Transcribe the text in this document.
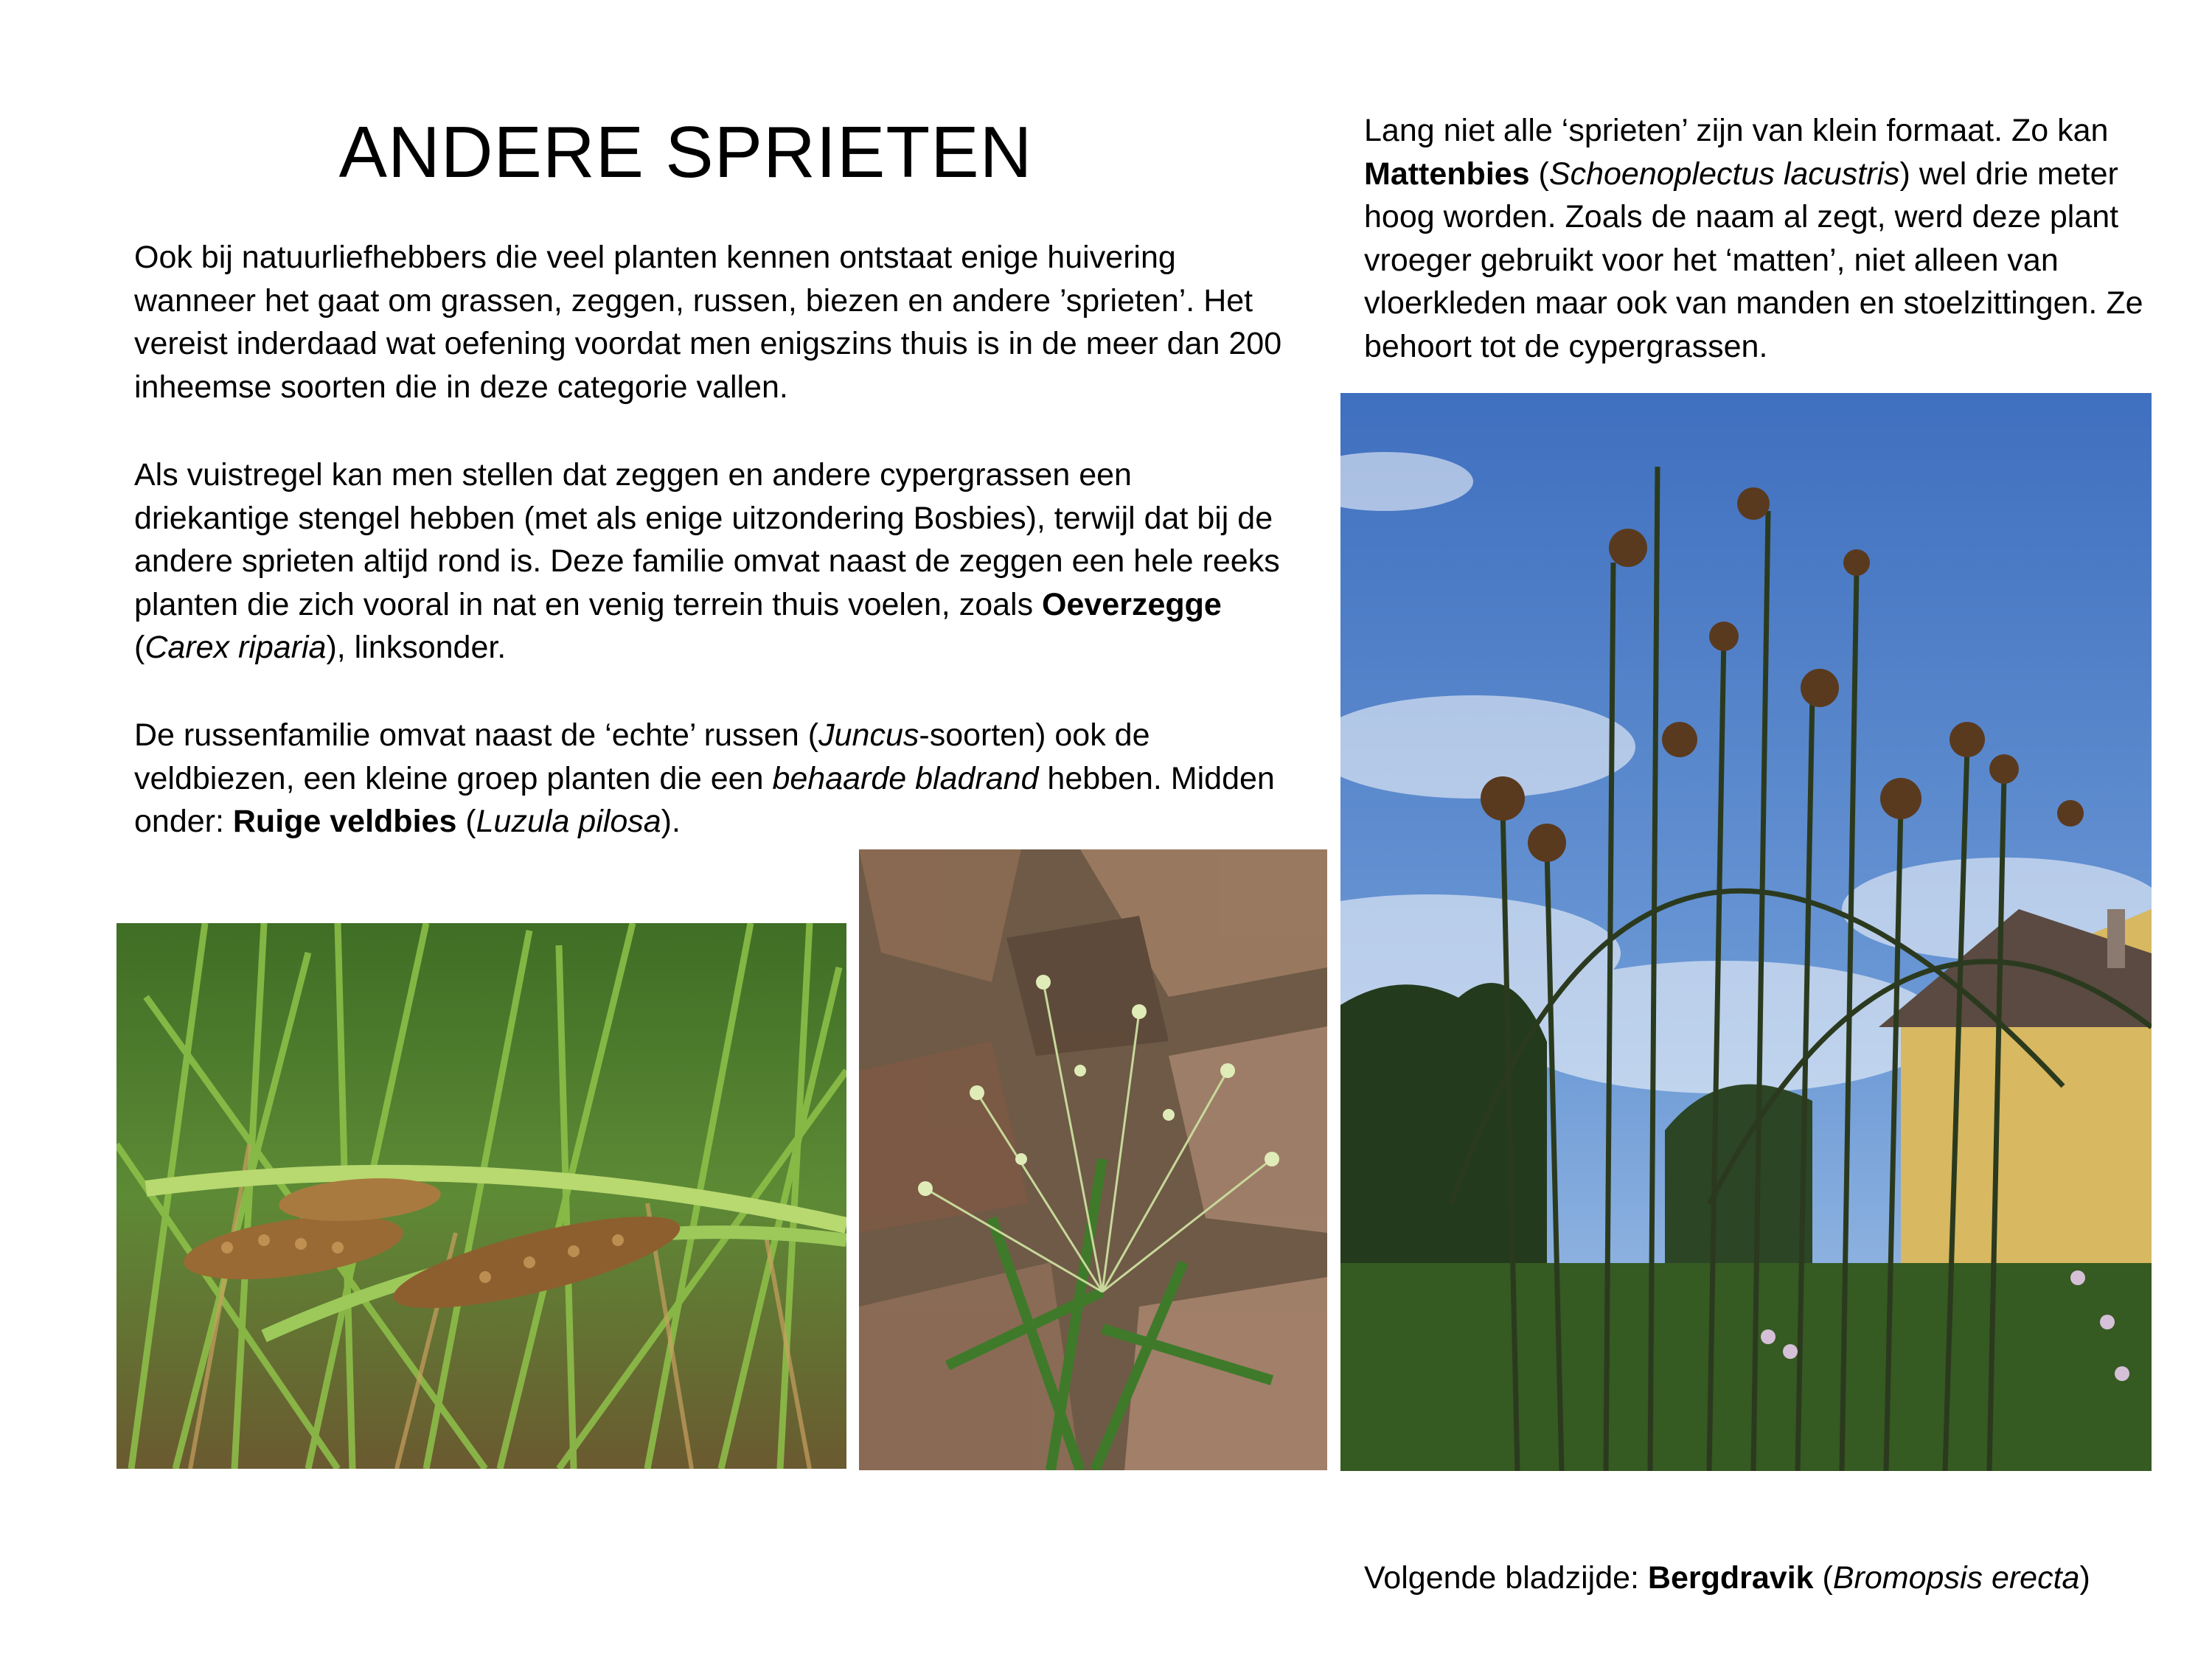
ANDERE SPRIETEN

Ook bij natuurliefhebbers die veel planten kennen ontstaat enige huivering wanneer het gaat om grassen, zeggen, russen, biezen en andere ’sprieten’. Het vereist inderdaad wat oefening voordat men enigszins thuis is in de meer dan 200 inheemse soorten die in deze categorie vallen.

Als vuistregel kan men stellen dat zeggen en andere cypergrassen een driekantige stengel hebben (met als enige uitzondering Bosbies), terwijl dat bij de andere sprieten altijd rond is. Deze familie omvat naast de zeggen een hele reeks planten die zich vooral in nat en venig terrein thuis voelen, zoals Oeverzegge (Carex riparia), linksonder.

De russenfamilie omvat naast de ‘echte’ russen (Juncus-soorten) ook de veldbiezen, een kleine groep planten die een behaarde bladrand hebben. Midden onder: Ruige veldbies (Luzula pilosa).

Lang niet alle ‘sprieten’ zijn van klein formaat. Zo kan Mattenbies (Schoenoplectus lacustris) wel drie meter hoog worden. Zoals de naam al zegt, werd deze plant vroeger gebruikt voor het ‘matten’, niet alleen van vloerkleden maar ook van manden en stoelzittingen. Ze behoort tot de cypergrassen.

Volgende bladzijde: Bergdravik (Bromopsis erecta)
